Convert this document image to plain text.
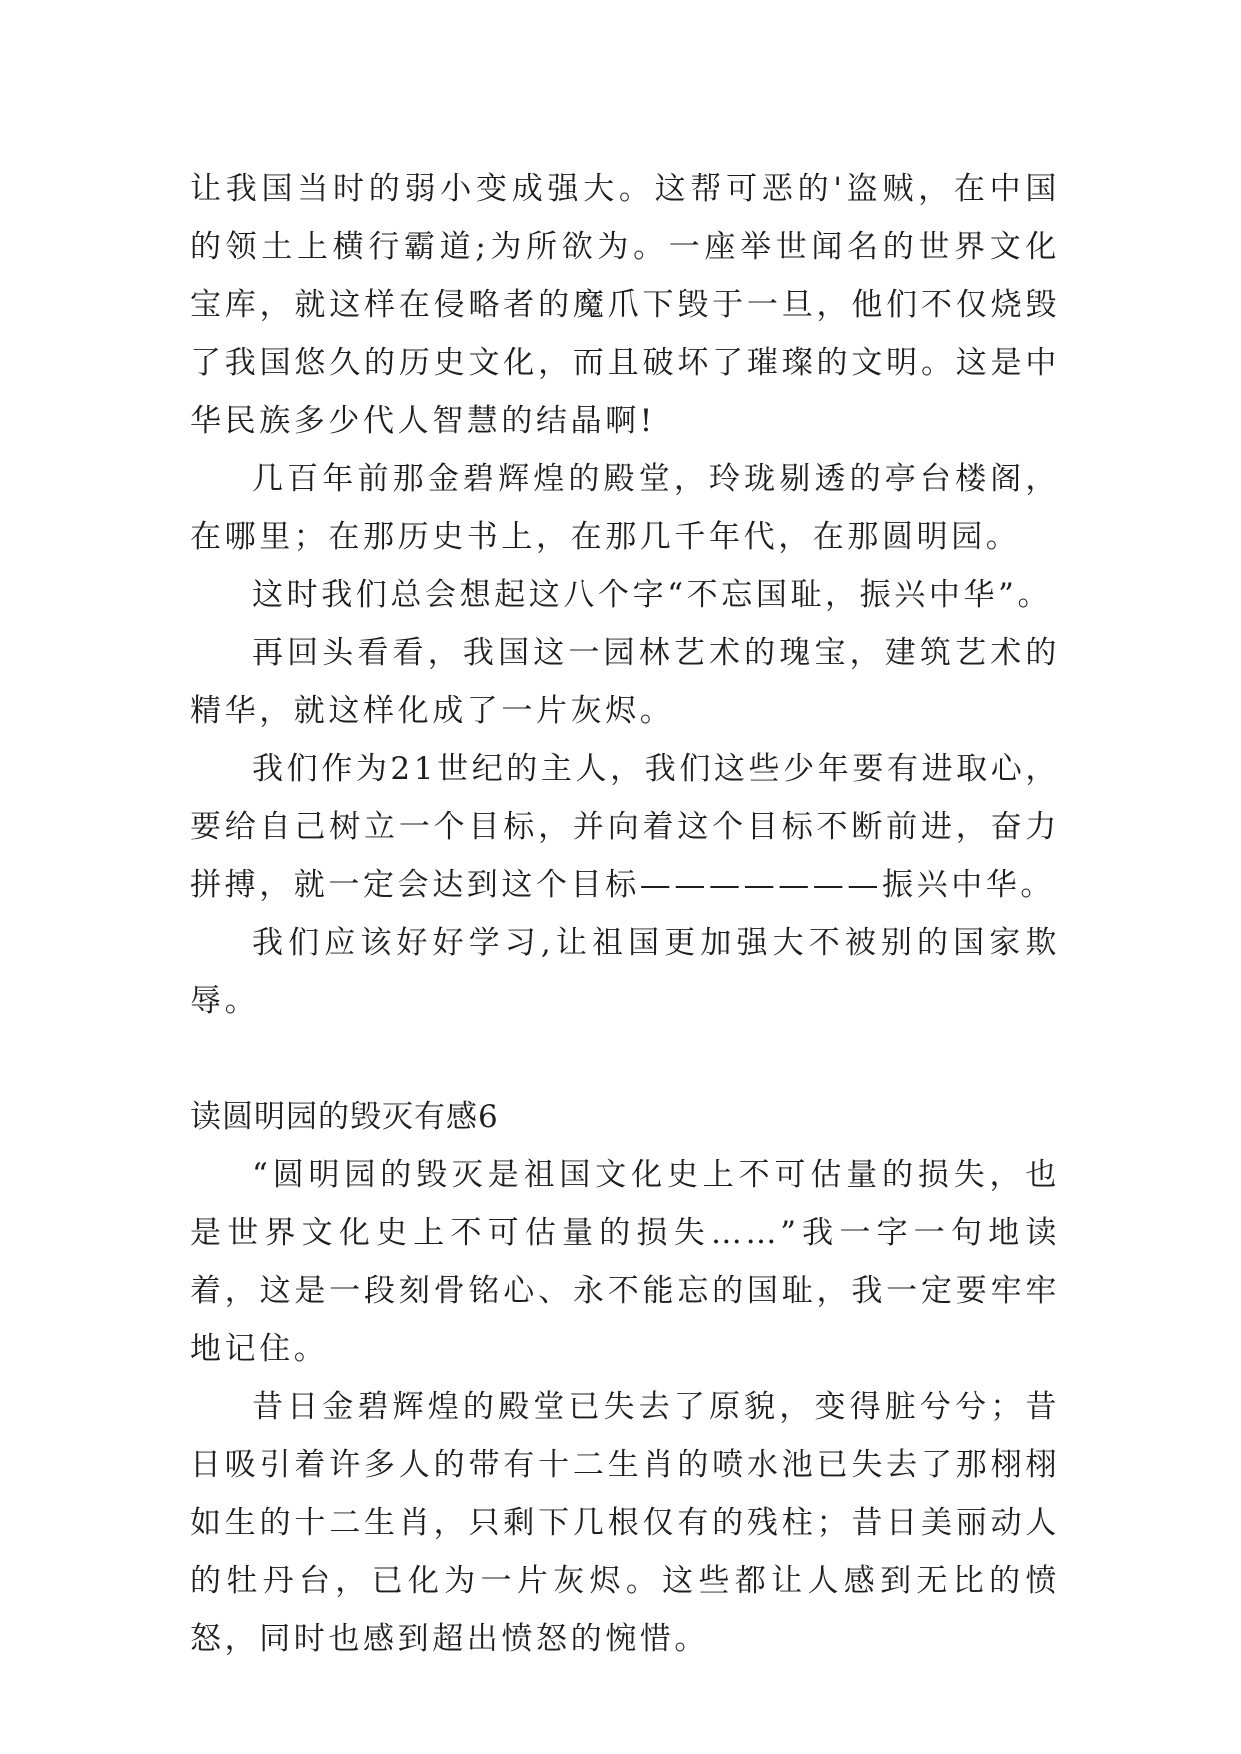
让我国当时的弱小变成强大。这帮可恶的'盗贼，在中国的领土上横行霸道;为所欲为。一座举世闻名的世界文化宝库，就这样在侵略者的魔爪下毁于一旦，他们不仅烧毁了我国悠久的历史文化，而且破坏了璀璨的文明。这是中华民族多少代人智慧的结晶啊!

几百年前那金碧辉煌的殿堂，玲珑剔透的亭台楼阁，在哪里；在那历史书上，在那几千年代，在那圆明园。

这时我们总会想起这八个字“不忘国耻，振兴中华”。

再回头看看，我国这一园林艺术的瑰宝，建筑艺术的精华，就这样化成了一片灰烬。

我们作为21世纪的主人，我们这些少年要有进取心，要给自己树立一个目标，并向着这个目标不断前进，奋力拼搏，就一定会达到这个目标———————振兴中华。

我们应该好好学习,让祖国更加强大不被别的国家欺辱。

读圆明园的毁灭有感6

“圆明园的毁灭是祖国文化史上不可估量的损失，也是世界文化史上不可估量的损失……”我一字一句地读着，这是一段刻骨铭心、永不能忘的国耻，我一定要牢牢地记住。

昔日金碧辉煌的殿堂已失去了原貌，变得脏兮兮；昔日吸引着许多人的带有十二生肖的喷水池已失去了那栩栩如生的十二生肖，只剩下几根仅有的残柱；昔日美丽动人的牡丹台，已化为一片灰烬。这些都让人感到无比的愤怒，同时也感到超出愤怒的惋惜。
